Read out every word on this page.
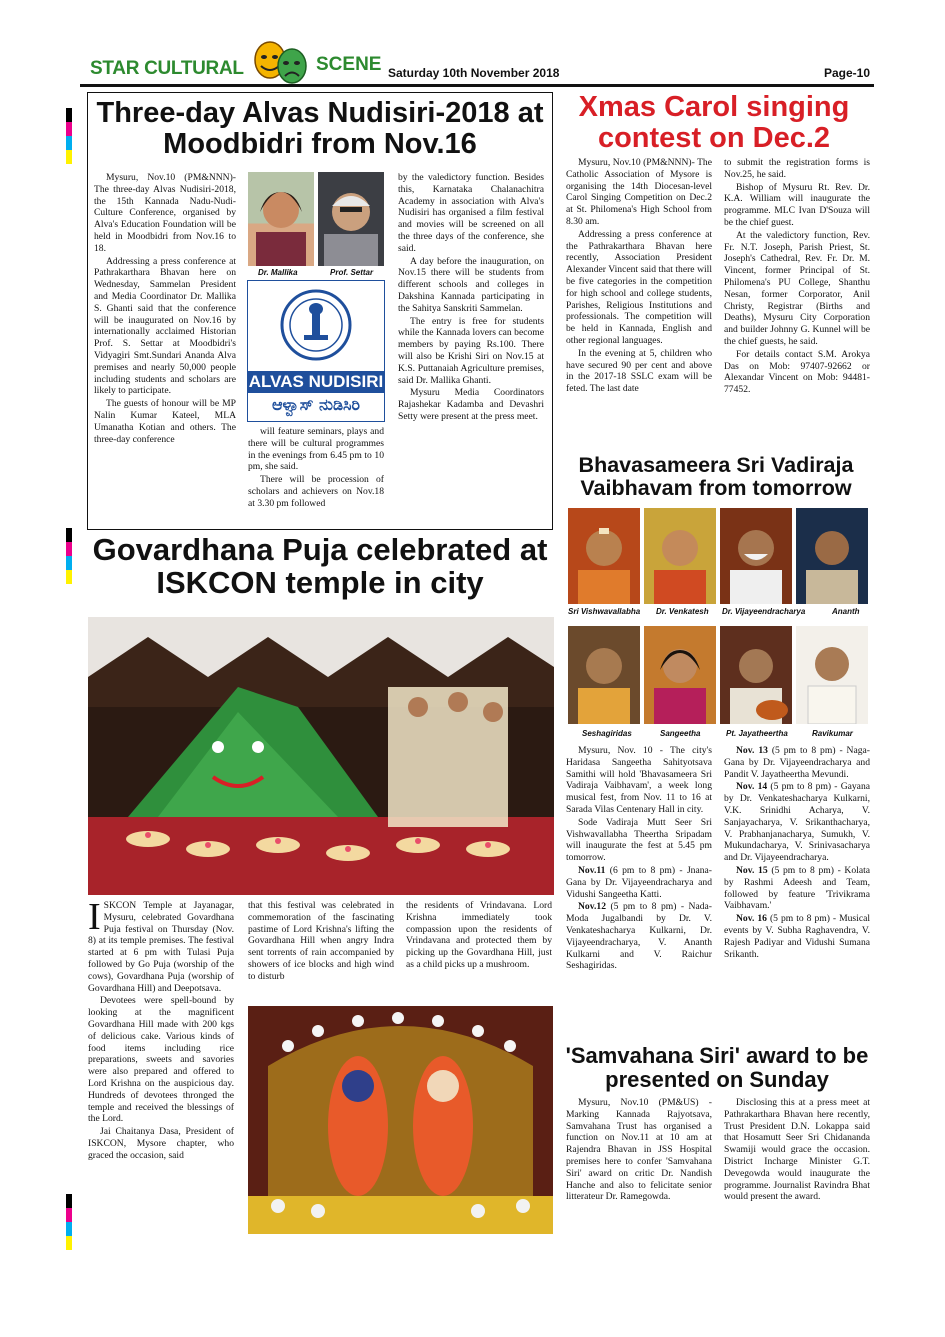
STAR CULTURAL	SCENE Saturday 10th November 2018	Page-10
Three-day Alvas Nudisiri-2018 at Moodbidri from Nov.16

Mysuru, Nov.10 (PM&NNN)- The three-day Alvas Nudisiri-2018, the 15th Kannada Nadu-Nudi-Culture Conference, organised by Alva's Education Foundation will be held in Moodbidri from Nov.16 to 18.

Addressing a press conference at Pathrakarthara Bhavan here on Wednesday, Sammelan President and Media Coordinator Dr. Mallika S. Ghanti said that the conference will be inaugurated on Nov.16 by internationally acclaimed Historian Prof. S. Settar at Moodbidri's Vidyagiri Smt.Sundari Ananda Alva premises and nearly 50,000 people including students and scholars are likely to participate.

The guests of honour will be MP Nalin Kumar Kateel, MLA Umanatha Kotian and others. The three-day conference

Dr. Mallika	Prof. Settar
ALVAS NUDISIRI
ಆಳ್ವಾಸ್ ನುಡಿಸಿರಿ

will feature seminars, plays and there will be cultural programmes in the evenings from 6.45 pm to 10 pm, she said.

There will be procession of scholars and achievers on Nov.18 at 3.30 pm followed

by the valedictory function. Besides this, Karnataka Chalanachitra Academy in association with Alva's Nudisiri has organised a film festival and movies will be screened on all the three days of the conference, she said.

A day before the inauguration, on Nov.15 there will be students from different schools and colleges in Dakshina Kannada participating in the Sahitya Sanskriti Sammelan.

The entry is free for students while the Kannada lovers can become members by paying Rs.100. There will also be Krishi Siri on Nov.15 at K.S. Puttanaiah Agriculture premises, said Dr. Mallika Ghanti.

Mysuru Media Coordinators Rajashekar Kadamba and Devashri Setty were present at the press meet.

Xmas Carol singing contest on Dec.2

Mysuru, Nov.10 (PM&NNN)- The Catholic Association of Mysore is organising the 14th Diocesan-level Carol Singing Competition on Dec.2 at St. Philomena's High School from 8.30 am.

Addressing a press conference at the Pathrakarthara Bhavan here recently, Association President Alexander Vincent said that there will be five categories in the competition for high school and college students, Parishes, Religious Institutions and professionals. The competition will be held in Kannada, English and other regional languages.

In the evening at 5, children who have secured 90 per cent and above in the 2017-18 SSLC exam will be feted. The last date

to submit the registration forms is Nov.25, he said.

Bishop of Mysuru Rt. Rev. Dr. K.A. William will inaugurate the programme. MLC Ivan D'Souza will be the chief guest.

At the valedictory function, Rev. Fr. N.T. Joseph, Parish Priest, St. Joseph's Cathedral, Rev. Fr. Dr. M. Vincent, former Principal of St. Philomena's PU College, Shanthu Nesan, former Corporator, Anil Christy, Registrar (Births and Deaths), Mysuru City Corporation and builder Johnny G. Kunnel will be the chief guests, he said.

For details contact S.M. Arokya Das on Mob: 97407-92662 or Alexandar Vincent on Mob: 94481-77452.

Bhavasameera Sri Vadiraja Vaibhavam from tomorrow
Sri Vishwavallabha Dr. Venkatesh Dr. Vijayeendracharya	Ananth
Seshagiridas	Sangeetha	Pt. Jayatheertha	Ravikumar

Mysuru, Nov. 10 - The city's Haridasa Sangeetha Sahityotsava Samithi will hold 'Bhavasameera Sri Vadiraja Vaibhavam', a week long musical fest, from Nov. 11 to 16 at Sarada Vilas Centenary Hall in city.

Sode Vadiraja Mutt Seer Sri Vishwavallabha Theertha Sripadam will inaugurate the fest at 5.45 pm tomorrow.

Nov.11 (6 pm to 8 pm) - Jnana-Gana by Dr. Vijayeendracharya and Vidushi Sangeetha Katti.

Nov.12 (5 pm to 8 pm) - Nada-Moda Jugalbandi by Dr. V. Venkateshacharya Kulkarni, Dr. Vijayeendracharya, V. Ananth Kulkarni and V. Raichur Seshagiridas.

Nov. 13 (5 pm to 8 pm) - Naga-Gana by Dr. Vijayeendracharya and Pandit V. Jayatheertha Mevundi.

Nov. 14 (5 pm to 8 pm) - Gayana by Dr. Venkateshacharya Kulkarni, V.K. Srinidhi Acharya, V. Sanjayacharya, V. Srikanthacharya, V. Prabhanjanacharya, Sumukh, V. Mukundacharya, V. Srinivasacharya and Dr. Vijayeendracharya.

Nov. 15 (5 pm to 8 pm) - Kolata by Rashmi Adeesh and Team, followed by feature 'Trivikrama Vaibhavam.'

Nov. 16 (5 pm to 8 pm) - Musical events by V. Subha Raghavendra, V. Rajesh Padiyar and Vidushi Sumana Srikanth.

Govardhana Puja celebrated at ISKCON temple in city

ISKCON Temple at Jayanagar, Mysuru, celebrated Govardhana Puja festival on Thursday (Nov. 8) at its temple premises. The festival started at 6 pm with Tulasi Puja followed by Go Puja (worship of the cows), Govardhana Puja (worship of Govardhana Hill) and Deepotsava.

Devotees were spell-bound by looking at the magnificent Govardhana Hill made with 200 kgs of delicious cake. Various kinds of food items including rice preparations, sweets and savories were also prepared and offered to Lord Krishna on the auspicious day. Hundreds of devotees thronged the temple and received the blessings of the Lord.

Jai Chaitanya Dasa, President of ISKCON, Mysore chapter, who graced the occasion, said

that this festival was celebrated in commemoration of the fascinating pastime of Lord Krishna's lifting the Govardhana Hill when angry Indra sent torrents of rain accompanied by showers of ice blocks and high wind to disturb

the residents of Vrindavana. Lord Krishna immediately took compassion upon the residents of Vrindavana and protected them by picking up the Govardhana Hill, just as a child picks up a mushroom.

'Samvahana Siri' award to be presented on Sunday

Mysuru, Nov.10 (PM&US) - Marking Kannada Rajyotsava, Samvahana Trust has organised a function on Nov.11 at 10 am at Rajendra Bhavan in JSS Hospital premises here to confer 'Samvahana Siri' award on critic Dr. Nandish Hanche and also to felicitate senior litterateur Dr. Ramegowda.

Disclosing this at a press meet at Pathrakarthara Bhavan here recently, Trust President D.N. Lokappa said that Hosamutt Seer Sri Chidananda Swamiji would grace the occasion. District Incharge Minister G.T. Devegowda would inaugurate the programme. Journalist Ravindra Bhat would present the award.
